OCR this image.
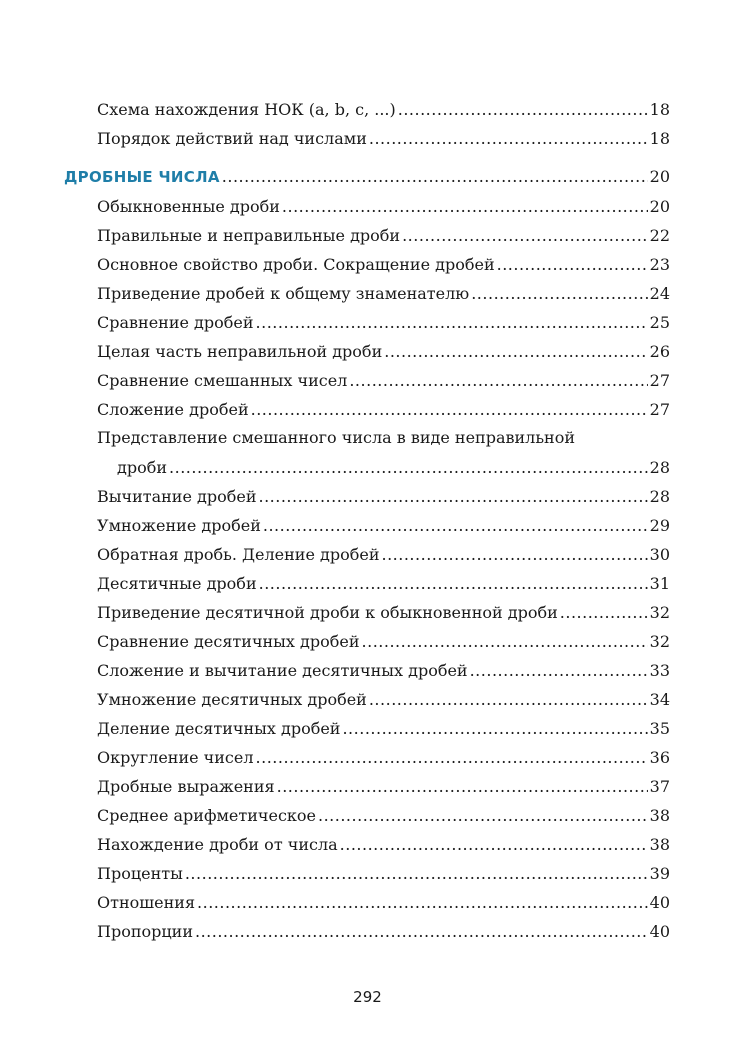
Схема нахождения НОК (a, b, c, ...) .....	18
Порядок действий над числами .....	18
ДРОБНЫЕ ЧИСЛА .....	20
Обыкновенные дроби .....	20
Правильные и неправильные дроби .....	22
Основное свойство дроби. Сокращение дробей .....	23
Приведение дробей к общему знаменателю .....	24
Сравнение дробей .....	25
Целая часть неправильной дроби .....	26
Сравнение смешанных чисел .....	27
Сложение дробей .....	27
Представление смешанного числа в виде неправильной
дроби .....	28
Вычитание дробей .....	28
Умножение дробей .....	29
Обратная дробь. Деление дробей .....	30
Десятичные дроби .....	31
Приведение десятичной дроби к обыкновенной дроби .....	32
Сравнение десятичных дробей .....	32
Сложение и вычитание десятичных дробей .....	33
Умножение десятичных дробей .....	34
Деление десятичных дробей .....	35
Округление чисел .....	36
Дробные выражения .....	37
Среднее арифметическое .....	38
Нахождение дроби от числа .....	38
Проценты .....	39
Отношения .....	40
Пропорции .....	40
292
